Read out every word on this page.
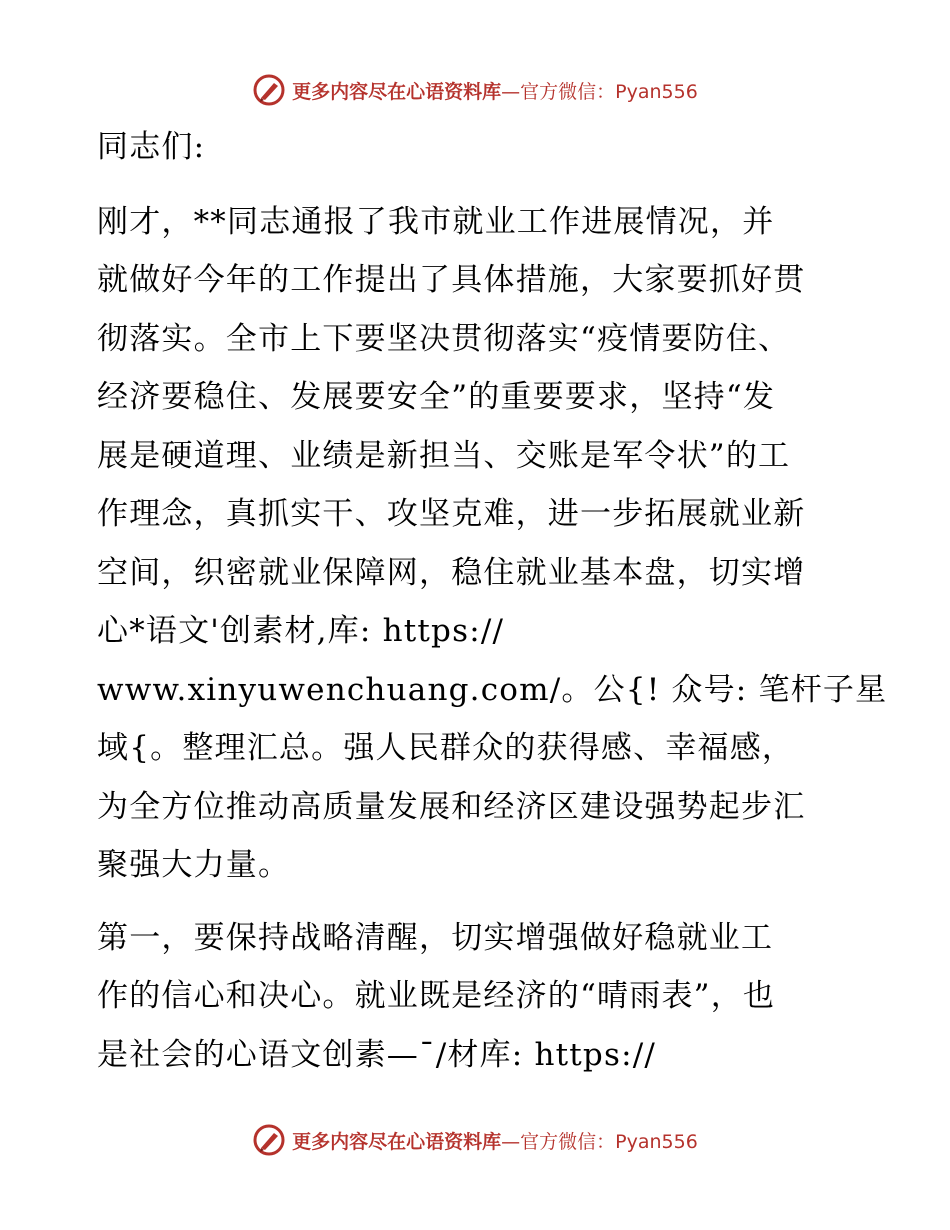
更多内容尽在心语资料库—官方微信：Pyan556

同志们:

刚才，**同志通报了我市就业工作进展情况，并
就做好今年的工作提出了具体措施，大家要抓好贯
彻落实。全市上下要坚决贯彻落实“疫情要防住、
经济要稳住、发展要安全”的重要要求，坚持“发
展是硬道理、业绩是新担当、交账是军令状”的工
作理念，真抓实干、攻坚克难，进一步拓展就业新
空间，织密就业保障网，稳住就业基本盘，切实增
心*语文'创素材,库: https://
www.xinyuwenchuang.com/。公{! 众号: 笔杆子星
域{。整理汇总。强人民群众的获得感、幸福感，
为全方位推动高质量发展和经济区建设强势起步汇
聚强大力量。

第一，要保持战略清醒，切实增强做好稳就业工
作的信心和决心。就业既是经济的“晴雨表”，也
是社会的心语文创素—¯/材库: https://

更多内容尽在心语资料库—官方微信：Pyan556
